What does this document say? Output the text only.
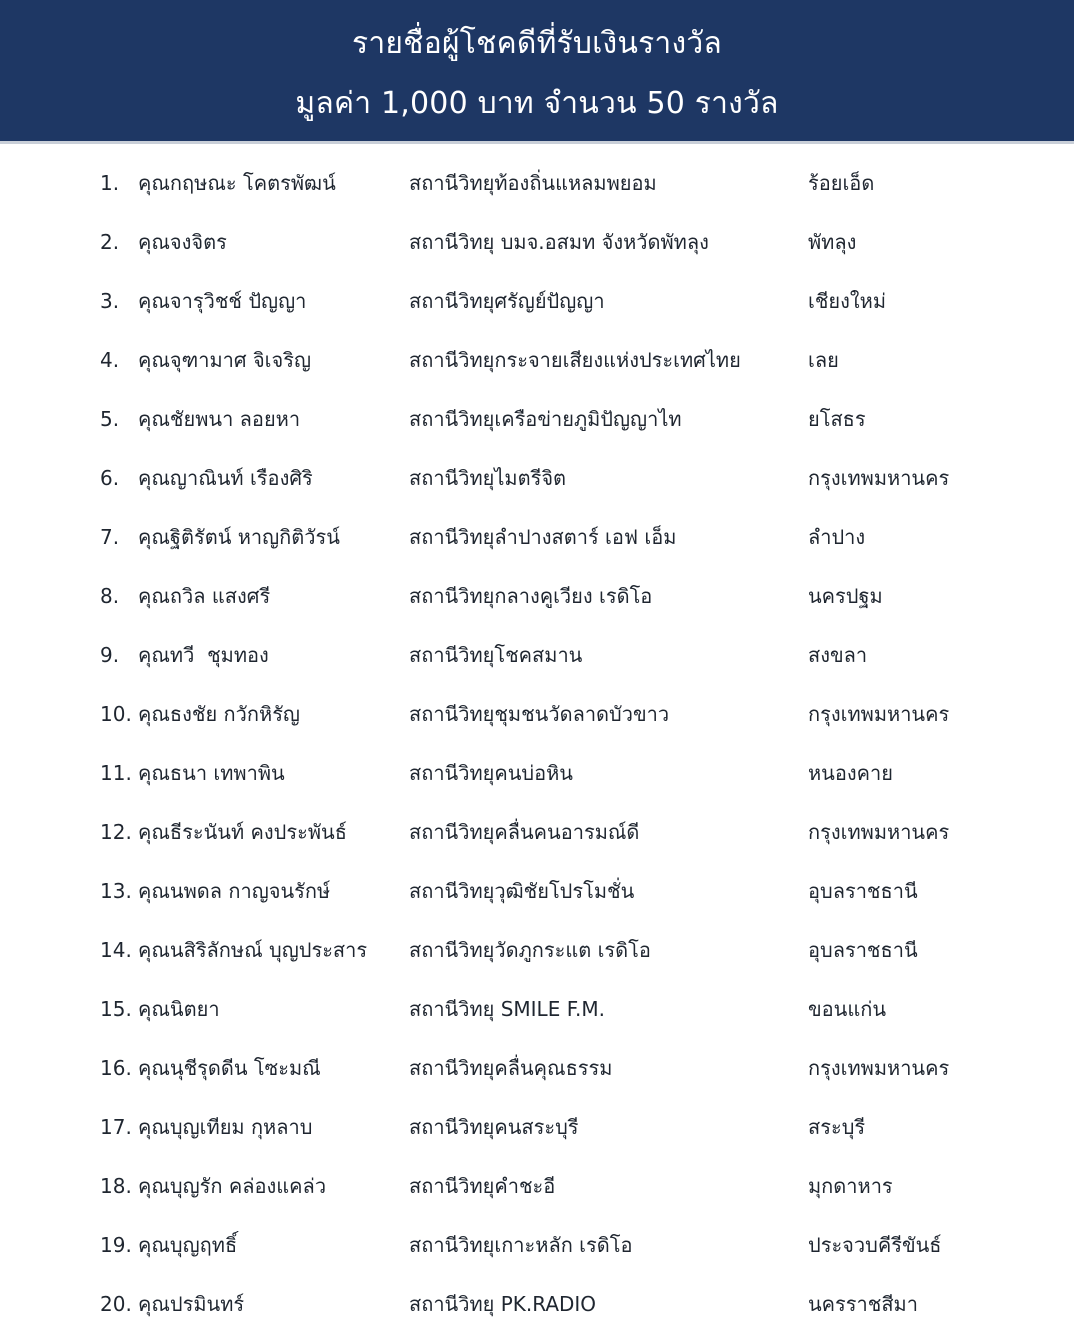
รายชื่อผู้โชคดีที่รับเงินรางวัล
มูลค่า 1,000 บาท จำนวน 50 รางวัล
1. คุณกฤษณะ โคตรพัฒน์	สถานีวิทยุท้องถิ่นแหลมพยอม	ร้อยเอ็ด
2. คุณจงจิตร	สถานีวิทยุ บมจ.อสมท จังหวัดพัทลุง	พัทลุง
3. คุณจารุวิชช์ ปัญญา	สถานีวิทยุศรัญย์ปัญญา	เชียงใหม่
4. คุณจุฑามาศ จิเจริญ	สถานีวิทยุกระจายเสียงแห่งประเทศไทย	เลย
5. คุณชัยพนา ลอยหา	สถานีวิทยุเครือข่ายภูมิปัญญาไท	ยโสธร
6. คุณญาณินท์ เรืองศิริ	สถานีวิทยุไมตรีจิต	กรุงเทพมหานคร
7. คุณฐิติรัตน์ หาญกิติวัรน์	สถานีวิทยุลำปางสตาร์ เอฟ เอ็ม	ลำปาง
8. คุณถวิล แสงศรี	สถานีวิทยุกลางคูเวียง เรดิโอ	นครปฐม
9. คุณทวี  ชุมทอง	สถานีวิทยุโชคสมาน	สงขลา
10. คุณธงชัย กวักหิรัญ	สถานีวิทยุชุมชนวัดลาดบัวขาว	กรุงเทพมหานคร
11. คุณธนา เทพาพิน	สถานีวิทยุคนบ่อหิน	หนองคาย
12. คุณธีระนันท์ คงประพันธ์	สถานีวิทยุคลื่นคนอารมณ์ดี	กรุงเทพมหานคร
13. คุณนพดล กาญจนรักษ์	สถานีวิทยุวุฒิชัยโปรโมชั่น	อุบลราชธานี
14. คุณนสิริลักษณ์ บุญประสาร สถานีวิทยุวัดภูกระแต เรดิโอ	อุบลราชธานี
15. คุณนิตยา	สถานีวิทยุ SMILE F.M.	ขอนแก่น
16. คุณนุชีรุดดีน โซะมณี	สถานีวิทยุคลื่นคุณธรรม	กรุงเทพมหานคร
17. คุณบุญเทียม กุหลาบ	สถานีวิทยุคนสระบุรี	สระบุรี
18. คุณบุญรัก คล่องแคล่ว	สถานีวิทยุคำชะอี	มุกดาหาร
19. คุณบุญฤทธิ์	สถานีวิทยุเกาะหลัก เรดิโอ	ประจวบคีรีขันธ์
20. คุณปรมินทร์	สถานีวิทยุ PK.RADIO	นครราชสีมา
